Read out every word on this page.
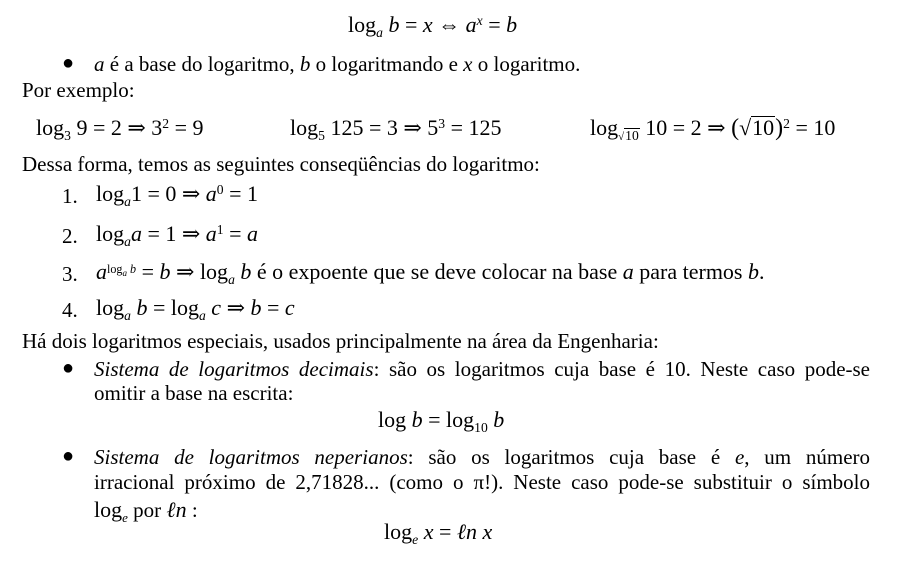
$\log_a b = x$ ⇔ $a^x = b$
● a é a base do logaritmo, b o logaritmando e x o logaritmo.
Por exemplo:
$\log_3 9 = 2$ ⇒ $3^2 = 9$	$\log_5 125 = 3$ ⇒ $5^3 = 125$	$\log_{√10} 10 = 2$ ⇒ $(√10)^2 = 10$
Dessa forma, temos as seguintes conseqüências do logaritmo:
1. $\log_a1 = 0$ ⇒ $a^0 = 1$
2. $\log_aa = 1$ ⇒ $a^1 = a$
3. $a^{log_a b} = b$ ⇒ $\log_a b$ é o expoente que se deve colocar na base a para termos b.
4. $\log_a b = \log_a c$ ⇒ b = c
Há dois logaritmos especiais, usados principalmente na área da Engenharia:
● Sistema de logaritmos decimais: são os logaritmos cuja base é 10. Neste caso pode-se
omitir a base na escrita:
$\log b = \log_{10} b$
● Sistema de logaritmos neperianos: são os logaritmos cuja base é e, um número
irracional próximo de 2,71828... (como o π!). Neste caso pode-se substituir o símbolo
$\log_e$ por ℓn :
$\log_e x$ = ℓn x
